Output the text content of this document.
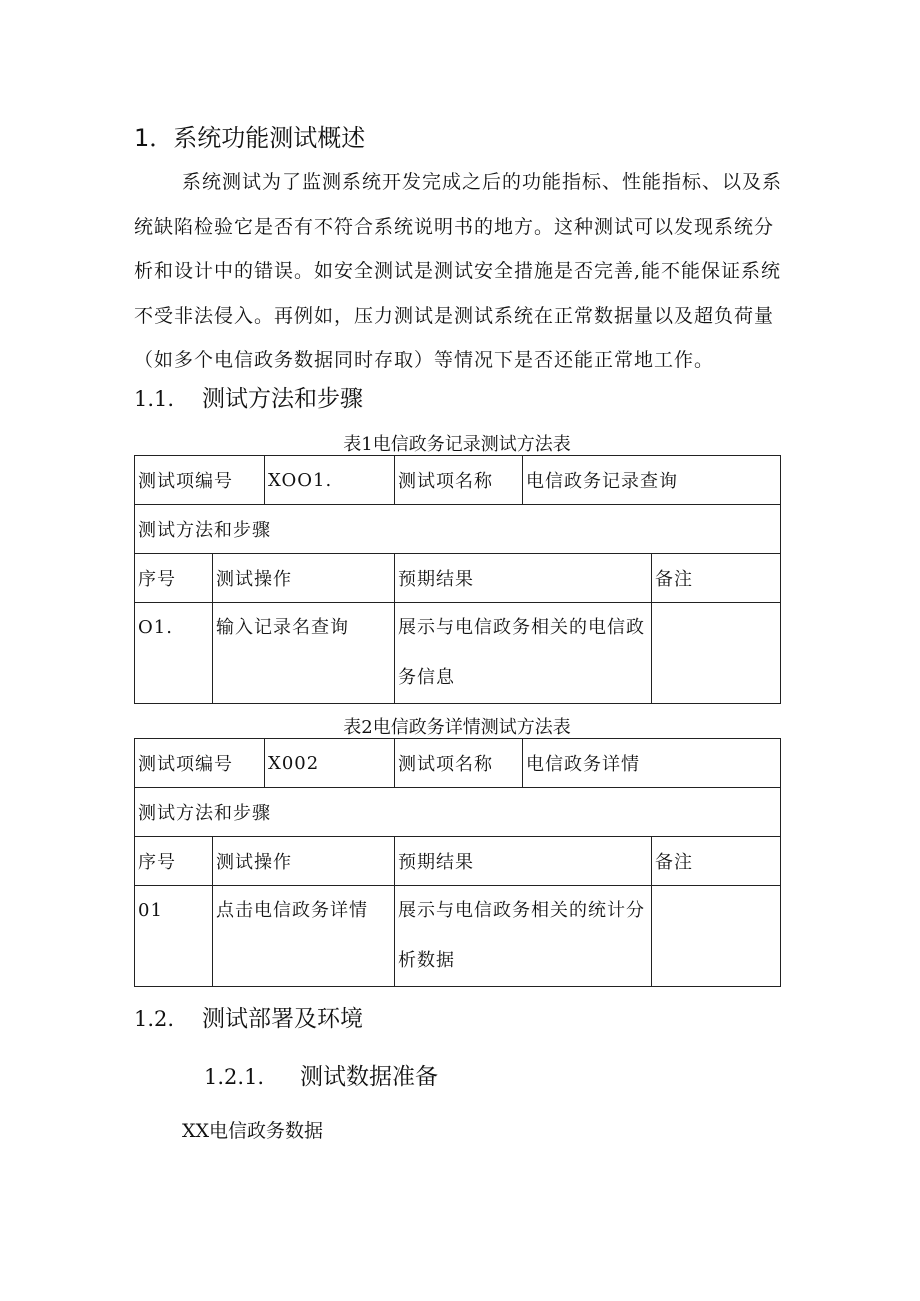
1．系统功能测试概述
系统测试为了监测系统开发完成之后的功能指标、性能指标、以及系统缺陷检验它是否有不符合系统说明书的地方。这种测试可以发现系统分析和设计中的错误。如安全测试是测试安全措施是否完善,能不能保证系统不受非法侵入。再例如，压力测试是测试系统在正常数据量以及超负荷量（如多个电信政务数据同时存取）等情况下是否还能正常地工作。
1.1. 测试方法和步骤
表1电信政务记录测试方法表
测试项编号		XOO1.	测试项名称	电信政务记录查询	
测试方法和步骤					
序号	测试操作		预期结果		备注
O1.	输入记录名查询		展示与电信政务相关的电信政务信息		
表2电信政务详情测试方法表
测试项编号		X002	测试项名称	电信政务详情	
测试方法和步骤					
序号	测试操作		预期结果		备注
01	点击电信政务详情		展示与电信政务相关的统计分析数据		
1.2. 测试部署及环境
1.2.1. 测试数据准备
XX电信政务数据
